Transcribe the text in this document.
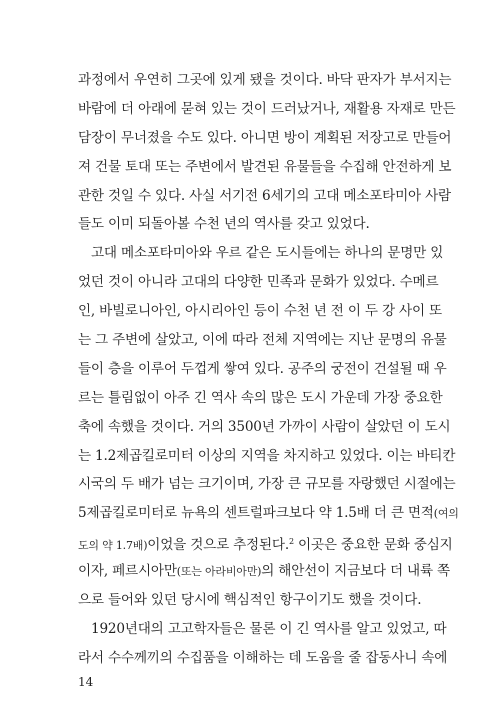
과정에서 우연히 그곳에 있게 됐을 것이다. 바닥 판자가 부서지는
바람에 더 아래에 묻혀 있는 것이 드러났거나, 재활용 자재로 만든
담장이 무너졌을 수도 있다. 아니면 방이 계획된 저장고로 만들어
져 건물 토대 또는 주변에서 발견된 유물들을 수집해 안전하게 보
관한 것일 수 있다. 사실 서기전 6세기의 고대 메소포타미아 사람
들도 이미 되돌아볼 수천 년의 역사를 갖고 있었다.
고대 메소포타미아와 우르 같은 도시들에는 하나의 문명만 있
었던 것이 아니라 고대의 다양한 민족과 문화가 있었다. 수메르
인, 바빌로니아인, 아시리아인 등이 수천 년 전 이 두 강 사이 또
는 그 주변에 살았고, 이에 따라 전체 지역에는 지난 문명의 유물
들이 층을 이루어 두껍게 쌓여 있다. 공주의 궁전이 건설될 때 우
르는 틀림없이 아주 긴 역사 속의 많은 도시 가운데 가장 중요한
축에 속했을 것이다. 거의 3500년 가까이 사람이 살았던 이 도시
는 1.2제곱킬로미터 이상의 지역을 차지하고 있었다. 이는 바티칸
시국의 두 배가 넘는 크기이며, 가장 큰 규모를 자랑했던 시절에는
5제곱킬로미터로 뉴욕의 센트럴파크보다 약 1.5배 더 큰 면적(여의
도의 약 1.7배)이었을 것으로 추정된다.$^2$ 이곳은 중요한 문화 중심지
이자, 페르시아만(또는 아라비아만)의 해안선이 지금보다 더 내륙 쪽
으로 들어와 있던 당시에 핵심적인 항구이기도 했을 것이다.
1920년대의 고고학자들은 물론 이 긴 역사를 알고 있었고, 따
라서 수수께끼의 수집품을 이해하는 데 도움을 줄 잡동사니 속에
14
